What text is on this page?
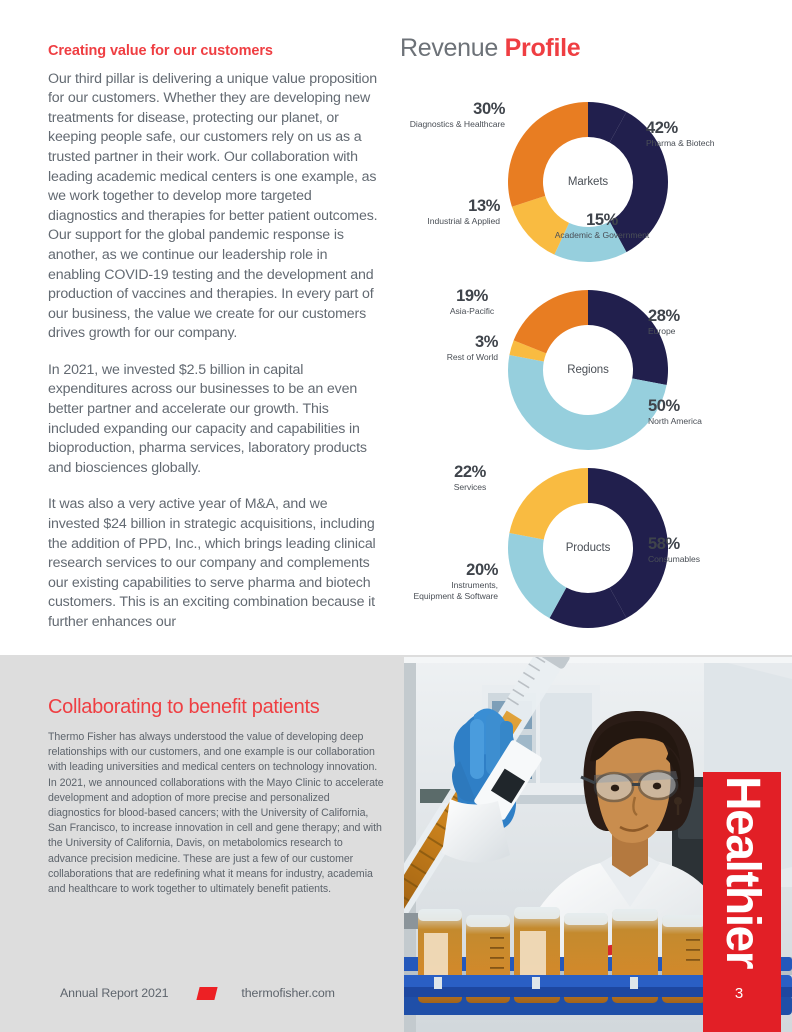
Creating value for our customers

Our third pillar is delivering a unique value proposition for our customers. Whether they are developing new treatments for disease, protecting our planet, or keeping people safe, our customers rely on us as a trusted partner in their work. Our collaboration with leading academic medical centers is one example, as we work together to develop more targeted diagnostics and therapies for better patient outcomes. Our support for the global pandemic response is another, as we continue our leadership role in enabling COVID-19 testing and the development and production of vaccines and therapies. In every part of our business, the value we create for our customers drives growth for our company.

In 2021, we invested $2.5 billion in capital expenditures across our businesses to be an even better partner and accelerate our growth. This included expanding our capacity and capabilities in bioproduction, pharma services, laboratory products and biosciences globally.

It was also a very active year of M&A, and we invested $24 billion in strategic acquisitions, including the addition of PPD, Inc., which brings leading clinical research services to our company and complements our existing capabilities to serve pharma and biotech customers. This is an exciting combination because it further enhances our

Revenue Profile
Markets
42%
Pharma & Biotech
15%
Academic & Government
13%
Industrial & Applied
30%
Diagnostics & Healthcare
Regions
28%
Europe
50%
North America
3%
Rest of World
19%
Asia-Pacific
Products	58%
Consumables
20%
Instruments,
Equipment & Software
22%
Services
Collaborating to benefit patients

Thermo Fisher has always understood the value of developing deep relationships with our customers, and one example is our collaboration with leading universities and medical centers on technology innovation. In 2021, we announced collaborations with the Mayo Clinic to accelerate development and adoption of more precise and personalized diagnostics for blood-based cancers; with the University of California, San Francisco, to increase innovation in cell and gene therapy; and with the University of California, Davis, on metabolomics research to advance precision medicine. These are just a few of our customer collaborations that are redefining what it means for industry, academia and healthcare to work together to ultimately benefit patients.

Annual Report 2021	thermofisher.com
Healthier
3
